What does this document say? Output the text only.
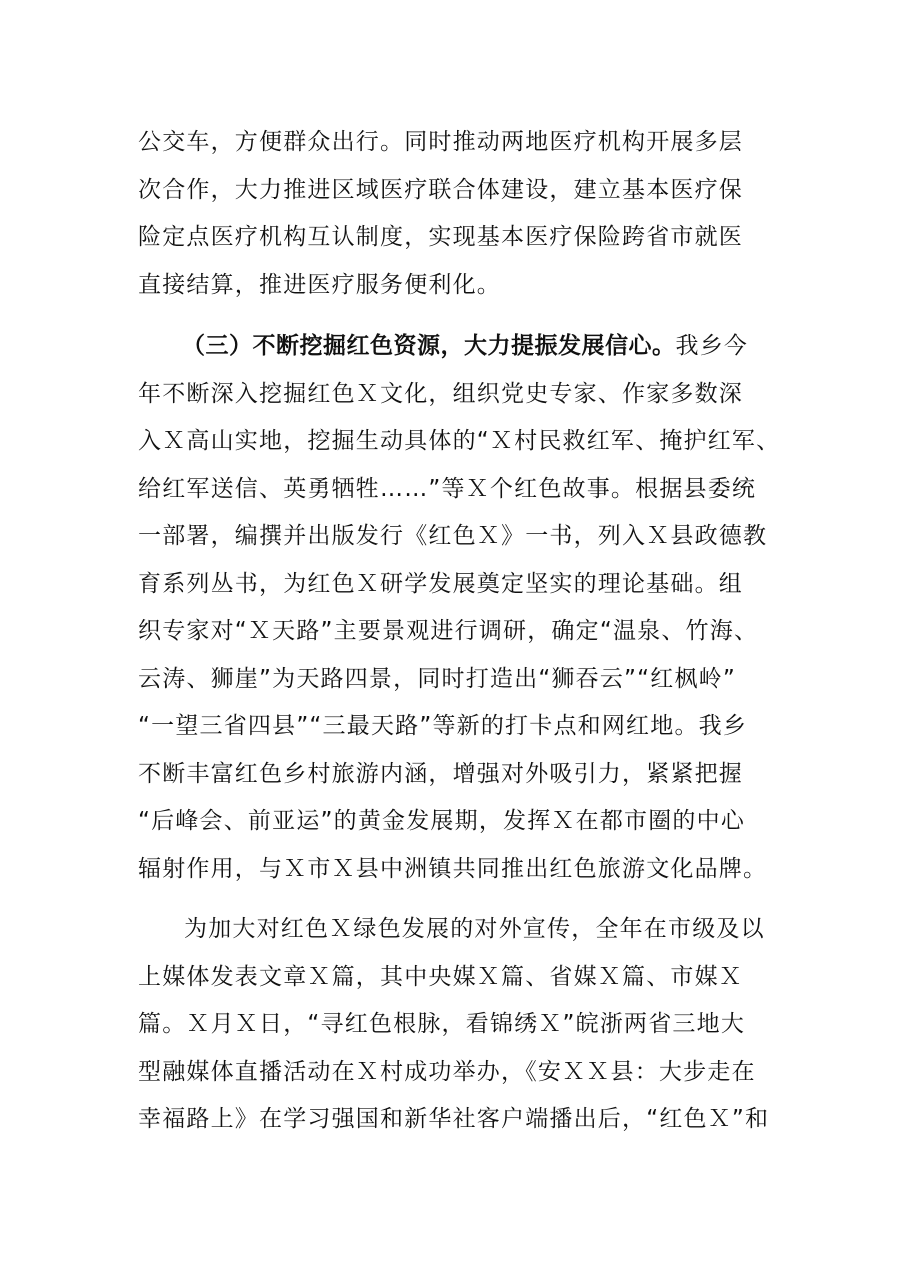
公交车，方便群众出行。同时推动两地医疗机构开展多层
次合作，大力推进区域医疗联合体建设，建立基本医疗保
险定点医疗机构互认制度，实现基本医疗保险跨省市就医
直接结算，推进医疗服务便利化。
（三）不断挖掘红色资源，大力提振发展信心。我乡今
年不断深入挖掘红色Ｘ文化，组织党史专家、作家多数深
入Ｘ高山实地，挖掘生动具体的“Ｘ村民救红军、掩护红军、
给红军送信、英勇牺牲……”等Ｘ个红色故事。根据县委统
一部署，编撰并出版发行《红色Ｘ》一书，列入Ｘ县政德教
育系列丛书，为红色Ｘ研学发展奠定坚实的理论基础。组
织专家对“Ｘ天路”主要景观进行调研，确定“温泉、竹海、
云涛、狮崖”为天路四景，同时打造出“狮吞云”“红枫岭”
“一望三省四县”“三最天路”等新的打卡点和网红地。我乡
不断丰富红色乡村旅游内涵，增强对外吸引力，紧紧把握
“后峰会、前亚运”的黄金发展期，发挥Ｘ在都市圈的中心
辐射作用，与Ｘ市Ｘ县中洲镇共同推出红色旅游文化品牌。
为加大对红色Ｘ绿色发展的对外宣传，全年在市级及以
上媒体发表文章Ｘ篇，其中央媒Ｘ篇、省媒Ｘ篇、市媒Ｘ
篇。Ｘ月Ｘ日，“寻红色根脉，看锦绣Ｘ”皖浙两省三地大
型融媒体直播活动在Ｘ村成功举办，《安ＸＸ县：大步走在
幸福路上》在学习强国和新华社客户端播出后，“红色Ｘ”和
